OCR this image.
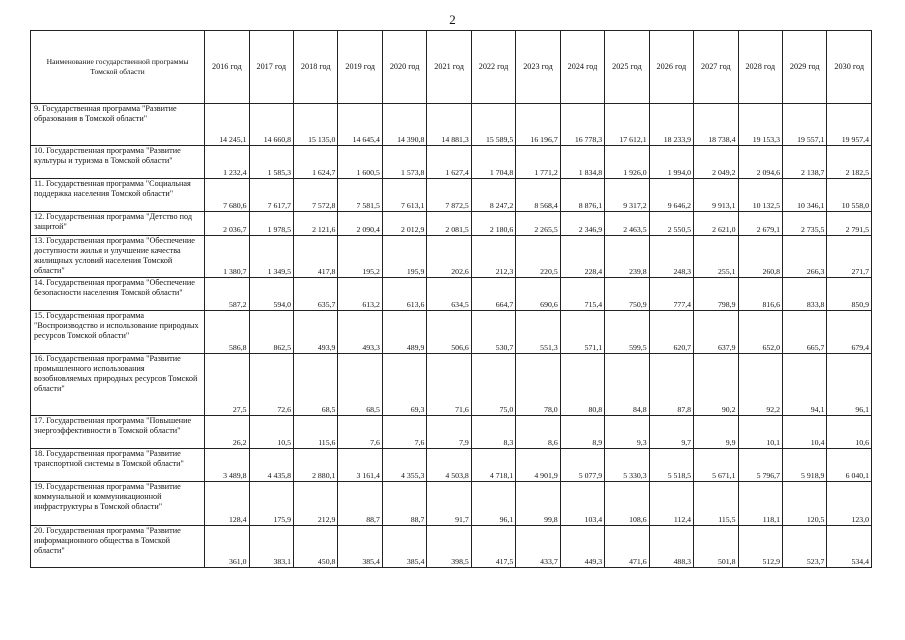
2
Наименование государственной программы Томской области	2016 год	2017 год	2018 год	2019 год	2020 год	2021 год	2022 год	2023 год	2024 год	2025 год	2026 год	2027 год	2028 год	2029 год	2030 год
9. Государственная программа "Развитие образования в Томской области"	14 245,1	14 660,8	15 135,0	14 645,4	14 390,8	14 881,3	15 589,5	16 196,7	16 778,3	17 612,1	18 233,9	18 738,4	19 153,3	19 557,1	19 957,4
10. Государственная программа "Развитие культуры и туризма в Томской области"	1 232,4	1 585,3	1 624,7	1 600,5	1 573,8	1 627,4	1 704,8	1 771,2	1 834,8	1 926,0	1 994,0	2 049,2	2 094,6	2 138,7	2 182,5
11. Государственная программа "Социальная поддержка населения Томской области"	7 680,6	7 617,7	7 572,8	7 581,5	7 613,1	7 872,5	8 247,2	8 568,4	8 876,1	9 317,2	9 646,2	9 913,1	10 132,5	10 346,1	10 558,0
12. Государственная программа "Детство под защитой"	2 036,7	1 978,5	2 121,6	2 090,4	2 012,9	2 081,5	2 180,6	2 265,5	2 346,9	2 463,5	2 550,5	2 621,0	2 679,1	2 735,5	2 791,5
13. Государственная программа "Обеспечение доступности жилья и улучшение качества жилищных условий населения Томской области"	1 380,7	1 349,5	417,8	195,2	195,9	202,6	212,3	220,5	228,4	239,8	248,3	255,1	260,8	266,3	271,7
14. Государственная программа "Обеспечение безопасности населения Томской области"	587,2	594,0	635,7	613,2	613,6	634,5	664,7	690,6	715,4	750,9	777,4	798,9	816,6	833,8	850,9
15. Государственная программа "Воспроизводство и использование природных ресурсов Томской области"	586,8	862,5	493,9	493,3	489,9	506,6	530,7	551,3	571,1	599,5	620,7	637,9	652,0	665,7	679,4
16. Государственная программа "Развитие промышленного использования возобновляемых природных ресурсов Томской области"	27,5	72,6	68,5	68,5	69,3	71,6	75,0	78,0	80,8	84,8	87,8	90,2	92,2	94,1	96,1
17. Государственная программа "Повышение энергоэффективности в Томской области"	26,2	10,5	115,6	7,6	7,6	7,9	8,3	8,6	8,9	9,3	9,7	9,9	10,1	10,4	10,6
18. Государственная программа "Развитие транспортной системы в Томской области"	3 489,8	4 435,8	2 880,1	3 161,4	4 355,3	4 503,8	4 718,1	4 901,9	5 077,9	5 330,3	5 518,5	5 671,1	5 796,7	5 918,9	6 040,1
19. Государственная программа "Развитие коммунальной и коммуникационной инфраструктуры в Томской области"	128,4	175,9	212,9	88,7	88,7	91,7	96,1	99,8	103,4	108,6	112,4	115,5	118,1	120,5	123,0
20. Государственная программа "Развитие информационного общества в Томской области"	361,0	383,1	450,8	385,4	385,4	398,5	417,5	433,7	449,3	471,6	488,3	501,8	512,9	523,7	534,4
